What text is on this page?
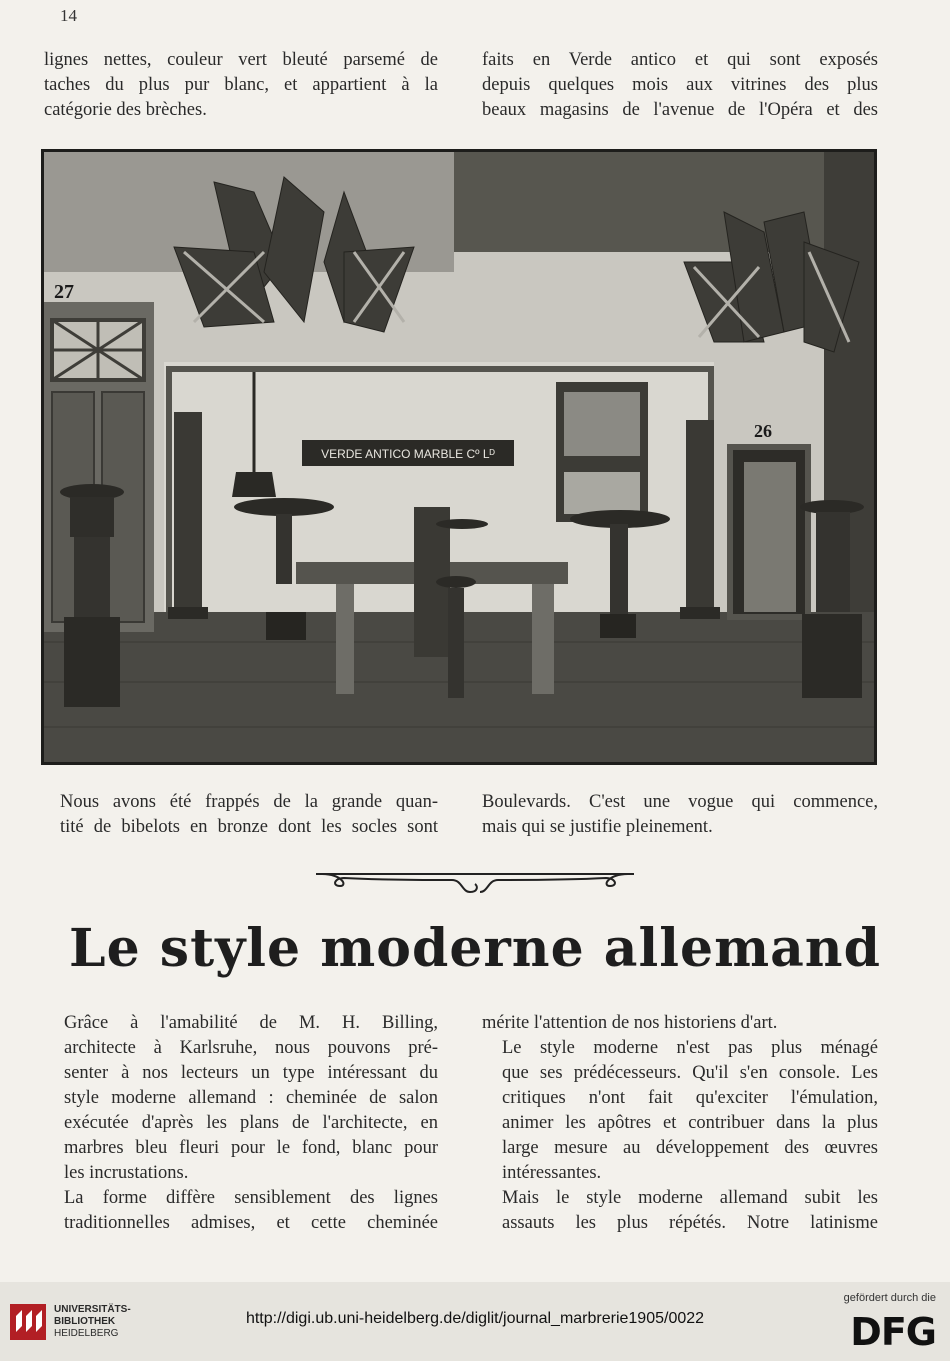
14
lignes nettes, couleur vert bleuté parsemé de
taches du plus pur blanc, et appartient à la
catégorie des brèches.
faits en Verde antico et qui sont exposés
depuis quelques mois aux vitrines des plus
beaux magasins de l'avenue de l'Opéra et des
27
26
VERDE ANTICO MARBLE Cº Lᴰ
Nous avons été frappés de la grande quan-
tité de bibelots en bronze dont les socles sont
Boulevards. C'est une vogue qui commence,
mais qui se justifie pleinement.
Le style moderne allemand

Grâce à l'amabilité de M. H. Billing,
architecte à Karlsruhe, nous pouvons pré-
senter à nos lecteurs un type intéressant du
style moderne allemand : cheminée de salon
exécutée d'après les plans de l'architecte, en
marbres bleu fleuri pour le fond, blanc pour
les incrustations.

La forme diffère sensiblement des lignes
traditionnelles admises, et cette cheminée

mérite l'attention de nos historiens d'art.

Le style moderne n'est pas plus ménagé
que ses prédécesseurs. Qu'il s'en console. Les
critiques n'ont fait qu'exciter l'émulation,
animer les apôtres et contribuer dans la plus
large mesure au développement des œuvres
intéressantes.

Mais le style moderne allemand subit les
assauts les plus répétés. Notre latinisme

UNIVERSITÄTS-
BIBLIOTHEK
HEIDELBERG
http://digi.ub.uni-heidelberg.de/diglit/journal_marbrerie1905/0022
gefördert durch die
DFG
